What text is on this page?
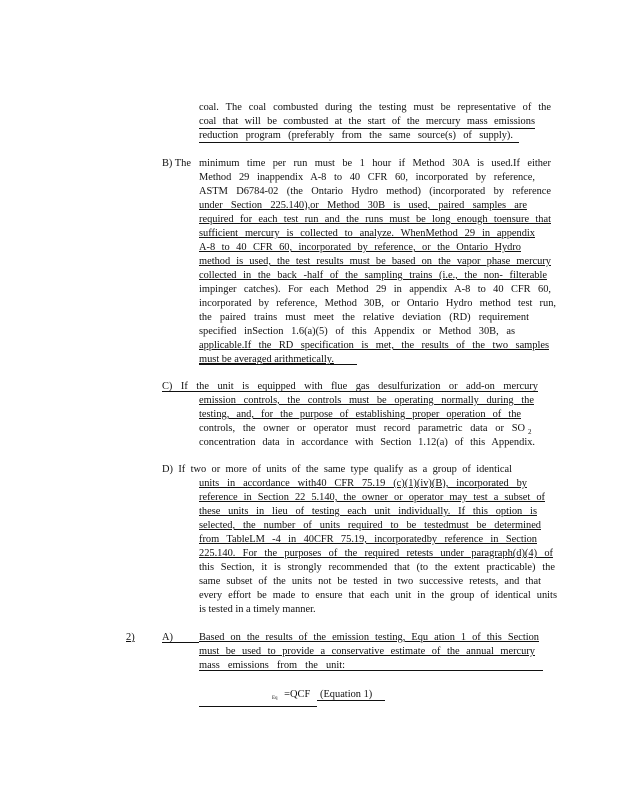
coal. The coal combusted during the testing must be representative of the
coal that will be combusted at the start of the mercury mass emissions
reduction program (preferably from the same source(s) of supply).
B) The minimum time per run must be 1 hour if Method 30A is used.If either
Method 29 inappendix A-8 to 40 CFR 60, incorporated by reference,
ASTM D6784-02 (the Ontario Hydro method) (incorporated by reference
under Section 225.140),or Method 30B is used, paired samples are
required for each test run and the runs must be long enough toensure that
sufficient mercury is collected to analyze. WhenMethod 29 in appendix
A-8 to 40 CFR 60, incorporated by reference, or the Ontario Hydro
method is used, the test results must be based on the vapor phase mercury
collected in the back -half of the sampling trains (i.e., the non- filterable
impinger catches). For each Method 29 in appendix A-8 to 40 CFR 60,
incorporated by reference, Method 30B, or Ontario Hydro method test run,
the paired trains must meet the relative deviation (RD) requirement
specified inSection 1.6(a)(5) of this Appendix or Method 30B, as
applicable.If the RD specification is met, the results of the two samples
must be averaged arithmetically.
C) If the unit is equipped with flue gas desulfurization or add-on mercury
emission controls, the controls must be operating normally during the
testing, and, for the purpose of establishing proper operation of the
controls, the owner or operator must record parametric data or SO 2
concentration data in accordance with Section 1.12(a) of this Appendix.
D) If two or more of units of the same type qualify as a group of identical
units in accordance with40 CFR 75.19 (c)(1)(iv)(B), incorporated by
reference in Section 22 5.140, the owner or operator may test a subset of
these units in lieu of testing each unit individually. If this option is
selected, the number of units required to be testedmust be determined
from TableLM -4 in 40CFR 75.19, incorporatedby reference in Section
225.140. For the purposes of the required retests under paragraph(d)(4) of
this Section, it is strongly recommended that (to the extent practicable) the
same subset of the units not be tested in two successive retests, and that
every effort be made to ensure that each unit in the group of identical units
is tested in a timely manner.
2)	A)	Based on the results of the emission testing, Equ ation 1 of this Section
must be used to provide a conservative estimate of the annual mercury
mass emissions from the unit:
Eq =QCF (Equation 1)
